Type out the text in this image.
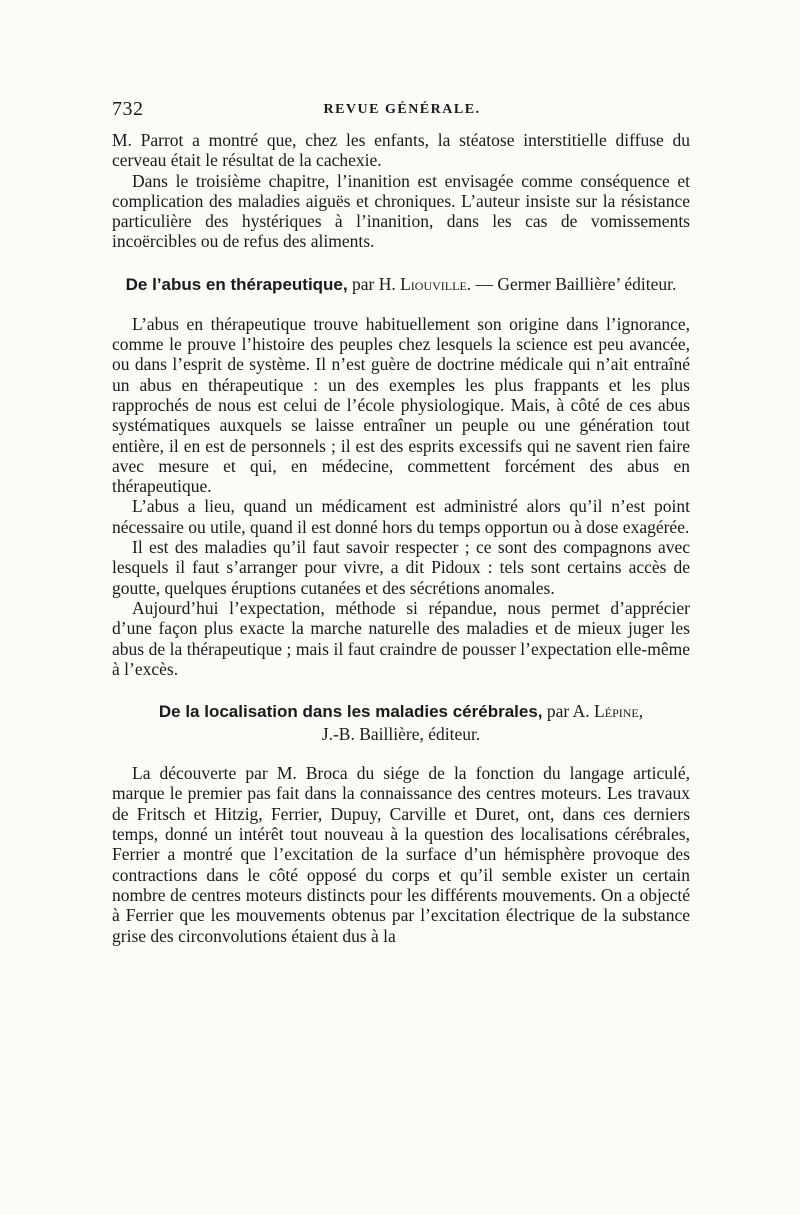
732	REVUE GÉNÉRALE.

M. Parrot a montré que, chez les enfants, la stéatose interstitielle diffuse du cerveau était le résultat de la cachexie.

Dans le troisième chapitre, l’inanition est envisagée comme conséquence et complication des maladies aiguës et chroniques. L’auteur insiste sur la résistance particulière des hystériques à l’inanition, dans les cas de vomissements incoërcibles ou de refus des aliments.

De l’abus en thérapeutique, par H. Liouville. — Germer Baillière’ éditeur.

L’abus en thérapeutique trouve habituellement son origine dans l’ignorance, comme le prouve l’histoire des peuples chez lesquels la science est peu avancée, ou dans l’esprit de système. Il n’est guère de doctrine médicale qui n’ait entraîné un abus en thérapeutique : un des exemples les plus frappants et les plus rapprochés de nous est celui de l’école physiologique. Mais, à côté de ces abus systématiques auxquels se laisse entraîner un peuple ou une génération tout entière, il en est de personnels ; il est des esprits excessifs qui ne savent rien faire avec mesure et qui, en médecine, commettent forcément des abus en thérapeutique.

L’abus a lieu, quand un médicament est administré alors qu’il n’est point nécessaire ou utile, quand il est donné hors du temps opportun ou à dose exagérée.

Il est des maladies qu’il faut savoir respecter ; ce sont des compagnons avec lesquels il faut s’arranger pour vivre, a dit Pidoux : tels sont certains accès de goutte, quelques éruptions cutanées et des sécrétions anomales.

Aujourd’hui l’expectation, méthode si répandue, nous permet d’apprécier d’une façon plus exacte la marche naturelle des maladies et de mieux juger les abus de la thérapeutique ; mais il faut craindre de pousser l’expectation elle-même à l’excès.

De la localisation dans les maladies cérébrales, par A. Lépine,
J.-B. Baillière, éditeur.

La découverte par M. Broca du siége de la fonction du langage articulé, marque le premier pas fait dans la connaissance des centres moteurs. Les travaux de Fritsch et Hitzig, Ferrier, Dupuy, Carville et Duret, ont, dans ces derniers temps, donné un intérêt tout nouveau à la question des localisations cérébrales, Ferrier a montré que l’excitation de la surface d’un hémisphère provoque des contractions dans le côté opposé du corps et qu’il semble exister un certain nombre de centres moteurs distincts pour les différents mouvements. On a objecté à Ferrier que les mouvements obtenus par l’excitation électrique de la substance grise des circonvolutions étaient dus à la
